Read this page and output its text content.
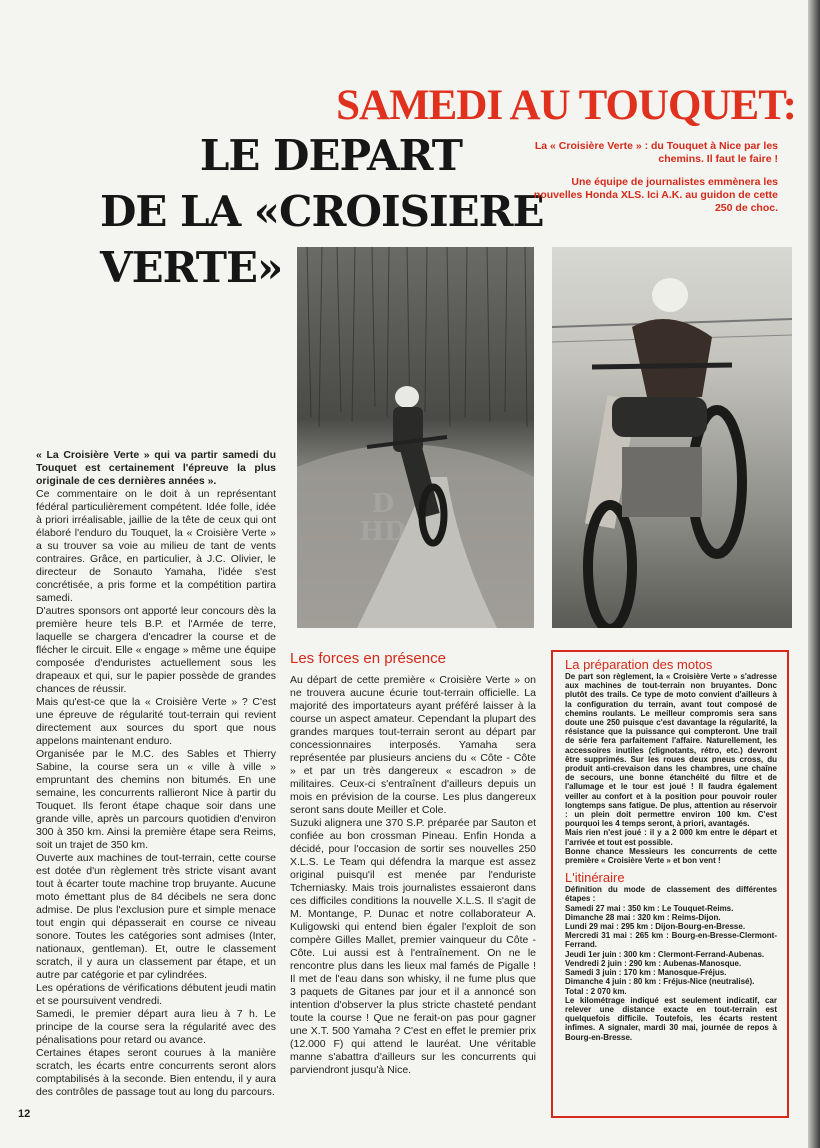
SAMEDI AU TOUQUET:
LE DEPART
DE LA «CROISIERE
VERTE»

La « Croisière Verte » : du Touquet à Nice par les chemins. Il faut le faire !

Une équipe de journalistes emmènera les nouvelles Honda XLS. Ici A.K. au guidon de cette 250 de choc.

D
HD

« La Croisière Verte » qui va partir samedi du Touquet est certainement l'épreuve la plus originale de ces dernières années ».

Ce commentaire on le doit à un représentant fédéral particulièrement compétent. Idée folle, idée à priori irréalisable, jaillie de la tête de ceux qui ont élaboré l'enduro du Touquet, la « Croisière Verte » a su trouver sa voie au milieu de tant de vents contraires. Grâce, en particulier, à J.C. Olivier, le directeur de Sonauto Yamaha, l'idée s'est concrétisée, a pris forme et la compétition partira samedi.

D'autres sponsors ont apporté leur concours dès la première heure tels B.P. et l'Armée de terre, laquelle se chargera d'encadrer la course et de flécher le circuit. Elle « engage » même une équipe composée d'enduristes actuellement sous les drapeaux et qui, sur le papier possède de grandes chances de réussir.

Mais qu'est-ce que la « Croisière Verte » ? C'est une épreuve de régularité tout-terrain qui revient directement aux sources du sport que nous appelons maintenant enduro.

Organisée par le M.C. des Sables et Thierry Sabine, la course sera un « ville à ville » empruntant des chemins non bitumés. En une semaine, les concurrents rallieront Nice à partir du Touquet. Ils feront étape chaque soir dans une grande ville, après un parcours quotidien d'environ 300 à 350 km. Ainsi la première étape sera Reims, soit un trajet de 350 km.

Ouverte aux machines de tout-terrain, cette course est dotée d'un règlement très stricte visant avant tout à écarter toute machine trop bruyante. Aucune moto émettant plus de 84 décibels ne sera donc admise. De plus l'exclusion pure et simple menace tout engin qui dépasserait en course ce niveau sonore. Toutes les catégories sont admises (Inter, nationaux, gentleman). Et, outre le classement scratch, il y aura un classement par étape, et un autre par catégorie et par cylindrées.

Les opérations de vérifications débutent jeudi matin et se poursuivent vendredi.

Samedi, le premier départ aura lieu à 7 h. Le principe de la course sera la régularité avec des pénalisations pour retard ou avance.

Certaines étapes seront courues à la manière scratch, les écarts entre concurrents seront alors comptabilisés à la seconde. Bien entendu, il y aura des contrôles de passage tout au long du parcours.

Les forces en présence

Au départ de cette première « Croisière Verte » on ne trouvera aucune écurie tout-terrain officielle. La majorité des importateurs ayant préféré laisser à la course un aspect amateur. Cependant la plupart des grandes marques tout-terrain seront au départ par concessionnaires interposés. Yamaha sera représentée par plusieurs anciens du « Côte - Côte » et par un très dangereux « escadron » de militaires. Ceux-ci s'entraînent d'ailleurs depuis un mois en prévision de la course. Les plus dangereux seront sans doute Meiller et Cole.

Suzuki alignera une 370 S.P. préparée par Sauton et confiée au bon crossman Pineau. Enfin Honda a décidé, pour l'occasion de sortir ses nouvelles 250 X.L.S. Le Team qui défendra la marque est assez original puisqu'il est menée par l'enduriste Tcherniasky. Mais trois journalistes essaieront dans ces difficiles conditions la nouvelle X.L.S. Il s'agit de M. Montange, P. Dunac et notre collaborateur A. Kuligowski qui entend bien égaler l'exploit de son compère Gilles Mallet, premier vainqueur du Côte - Côte. Lui aussi est à l'entraînement. On ne le rencontre plus dans les lieux mal famés de Pigalle ! Il met de l'eau dans son whisky, il ne fume plus que 3 paquets de Gitanes par jour et il a annoncé son intention d'observer la plus stricte chasteté pendant toute la course ! Que ne ferait-on pas pour gagner une X.T. 500 Yamaha ? C'est en effet le premier prix (12.000 F) qui attend le lauréat. Une véritable manne s'abattra d'ailleurs sur les concurrents qui parviendront jusqu'à Nice.

La préparation des motos

De part son règlement, la « Croisière Verte » s'adresse aux machines de tout-terrain non bruyantes. Donc plutôt des trails. Ce type de moto convient d'ailleurs à la configuration du terrain, avant tout composé de chemins roulants. Le meilleur compromis sera sans doute une 250 puisque c'est davantage la régularité, la résistance que la puissance qui compteront. Une trail de série fera parfaitement l'affaire. Naturellement, les accessoires inutiles (clignotants, rétro, etc.) devront être supprimés. Sur les roues deux pneus cross, du produit anti-crevaison dans les chambres, une chaîne de secours, une bonne étanchéité du filtre et de l'allumage et le tour est joué ! Il faudra également veiller au confort et à la position pour pouvoir rouler longtemps sans fatigue. De plus, attention au réservoir : un plein doit permettre environ 100 km. C'est pourquoi les 4 temps seront, à priori, avantagés.

Mais rien n'est joué : il y a 2 000 km entre le départ et l'arrivée et tout est possible.

Bonne chance Messieurs les concurrents de cette première « Croisière Verte » et bon vent !

L'itinéraire

Définition du mode de classement des différentes étapes :

Samedi 27 mai : 350 km : Le Touquet-Reims.

Dimanche 28 mai : 320 km : Reims-Dijon.

Lundi 29 mai : 295 km : Dijon-Bourg-en-Bresse.

Mercredi 31 mai : 265 km : Bourg-en-Bresse-Clermont-Ferrand.

Jeudi 1er juin : 300 km : Clermont-Ferrand-Aubenas.

Vendredi 2 juin : 290 km : Aubenas-Manosque.

Samedi 3 juin : 170 km : Manosque-Fréjus.

Dimanche 4 juin : 80 km : Fréjus-Nice (neutralisé).

Total : 2 070 km.

Le kilométrage indiqué est seulement indicatif, car relever une distance exacte en tout-terrain est quelquefois difficile. Toutefois, les écarts restent infimes. A signaler, mardi 30 mai, journée de repos à Bourg-en-Bresse.

12
